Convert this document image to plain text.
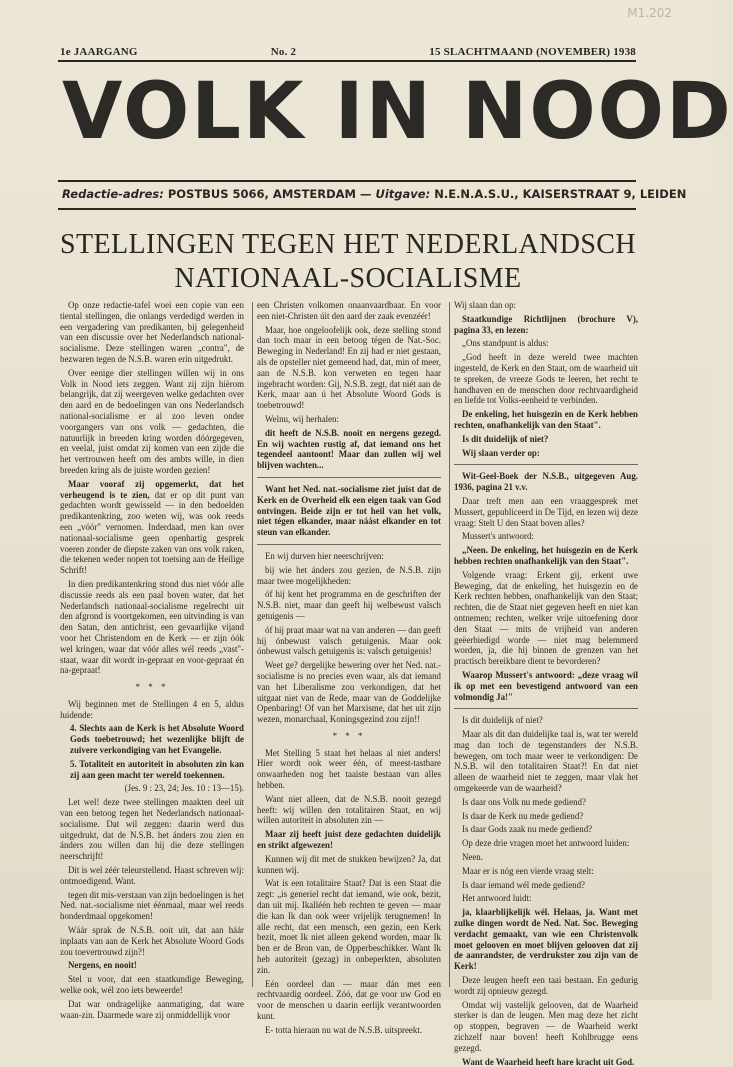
M1.202
1e JAARGANG	No. 2	15 SLACHTMAAND (NOVEMBER) 1938
VOLK IN NOOD
Redactie-adres: POSTBUS 5066, AMSTERDAM — Uitgave: N.E.N.A.S.U., KAISERSTRAAT 9, LEIDEN
STELLINGEN TEGEN HET NEDERLANDSCH
NATIONAAL-SOCIALISME

Op onze redactie-tafel woei een copie van een tiental stellingen, die onlangs verdedigd werden in een vergadering van predikanten, bij gelegenheid van een discussie over het Nederlandsch national-socialisme. Deze stellingen waren „contra", de bezwaren tegen de N.S.B. waren erin uitgedrukt.

Over eenige dier stellingen willen wij in ons Volk in Nood iets zeggen. Want zij zijn hiërom belangrijk, dat zij weergeven welke gedachten over den aard en de bedoelingen van ons Nederlandsch national-socialisme er al zoo leven onder voorgangers van ons volk — gedachten, die natuurlijk in breeden kring worden dóórgegeven, en veelal, juist omdat zij komen van een zijde die het vertrouwen heeft om des ambts wille, in dien breeden kring als de juiste worden gezien!

Maar vooraf zij opgemerkt, dat het verheugend is te zien, dat er op dit punt van gedachten wordt gewisseld — in den bedoelden predikantenkring, zoo weten wij, was ook reeds een „vóór" vernomen. Inderdaad, men kan over nationaal-socialisme geen openhartig gesprek voeren zonder de diepste zaken van ons volk raken, die tekenen weder nopen tot toetsing aan de Heilige Schrift!

In dien predikantenkring stond dus niet vóór alle discussie reeds als een paal boven water, dat het Nederlandsch nationaal-socialisme regelrecht uit den afgrond is voortgekomen, een uitvinding is van den Satan, den antichrist, een gevaarlijke vijand voor het Christendom en de Kerk — er zijn óók wel kringen, waar dat vóór alles wél reeds „vast"-staat, waar dit wordt in-gepraat en voor-gepraat én na-gepraat!

* * *

Wij beginnen met de Stellingen 4 en 5, aldus luidende:

4. Slechts aan de Kerk is het Absolute Woord Gods toebetrouwd; het wezenlijke blijft de zuivere verkondiging van het Evangelie.

5. Totaliteit en autoriteit in absoluten zin kan zij aan geen macht ter wereld toekennen.

(Jes. 9 : 23, 24; Jes. 10 : 13—15).

Let wel! deze twee stellingen maakten deel uit van een betoog tegen het Nederlandsch nationaal-socialisme. Dat wil zeggen: daarin werd dus uitgedrukt, dat de N.S.B. het ánders zou zien en ánders zou willen dan hij die deze stellingen neerschrijft!

Dit is wel zéér teleurstellend. Haast schreven wij: ontmoedigend. Want.

tegen dit mis-verstaan van zijn bedoelingen is het Ned. nat.-socialisme niet éénmaal, maar wel reeds honderdmaal opgekomen!

Wáár sprak de N.S.B. ooit uit, dat aan háár inplaats van aan de Kerk het Absolute Woord Gods zou toevertrouwd zijn?!

Nergens, en nooit!

Stel u voor, dat een staatkundige Beweging, welke ook, wél zoo iets beweerde!

Dat war ondragelijke aanmatiging, dat ware waan-zin. Daarmede ware zij onmiddellijk voor

een Christen volkomen onaanvaardbaar. En voor een niet-Christen úit den aard der zaak evenzéér!

Maar, hoe ongeloofelijk ook, deze stelling stond dan toch maar in een betoog tégen de Nat.-Soc. Beweging in Nederland! En zij had er niet gestaan, als de opsteller niet gemeend had, dat, min of meer, aan de N.S.B. kon verweten en tegen haar ingebracht worden: Gij, N.S.B. zegt, dat niét aan de Kerk, maar aan ú het Absolute Woord Gods is toebetrouwd!

Welnu, wij herhalen:

dit heeft de N.S.B. nooit en nergens gezegd. En wij wachten rustig af, dat iemand ons het tegendeel aantoont! Maar dan zullen wij wel blijven wachten...

Want het Ned. nat.-socialisme ziet juist dat de Kerk en de Overheid elk een eigen taak van God ontvingen. Beide zijn er tot heil van het volk, niet tégen elkander, maar náást elkander en tot steun van elkander.

En wij durven hier neerschrijven:

bij wie het ánders zou gezien, de N.S.B. zijn maar twee mogelijkheden:

óf hij kent het programma en de geschriften der N.S.B. niet, maar dan geeft hij welbewust valsch getuigenis —

óf hij praat maar wat na van anderen — dan geeft hij ónbewust valsch getuigenis. Maar ook ónbewust valsch getuigenis is: valsch getuigenis!

Weet ge? dergelijke bewering over het Ned. nat.-socialisme is no precies even waar, als dat iemand van het Liberalisme zou verkondigen, dat het uitgaat niet van de Rede, maar van de Goddelijke Openbaring! Of van het Marxisme, dat het uit zijn wezen, monarchaal, Koningsgezind zou zijn!!

* * *

Met Stelling 5 staat het helaas al niet anders! Hier wordt ook weer één, of meest-tastbare onwaarheden nog het taaiste bestaan van alles hebben.

Want niet alleen, dat de N.S.B. nooit gezegd heeft: wij willen den totalitairen Staat, en wij willen autoriteit in absoluten zin —

Maar zij heeft juist deze gedachten duidelijk en strikt afgewezen!

Kunnen wij dit met de stukken bewijzen? Ja, dat kunnen wij.

Wat is een totalitaire Staat? Dat is een Staat die zegt: „is generiel recht dat iemand, wie ook, bezit, dan uit mij. Ikalléén heb rechten te geven — maar die kan Ik dan ook weer vrijelijk terugnemen! In alle recht, dat een mensch, een gezin, een Kerk bezit, moet Ik niet alleen gekend worden, maar Ik ben er de Bron van, de Opperbeschikker. Want Ik heb autoriteit (gezag) in onbeperkten, absoluten zin.

Eén oordeel dan — maar dán met een rechtvaardig oordeel. Zóó, dat ge voor uw God en voor de menschen u daarin eerlijk verantwoorden kunt.

E- totta hieraan nu wat de N.S.B. uitspreekt.

Wij slaan dan op:

Staatkundige Richtlijnen (brochure V), pagina 33, en lezen:

„Ons standpunt is aldus:

„God heeft in deze wereld twee machten ingesteld, de Kerk en den Staat, om de waarheid uit te spreken, de vreeze Gods te leeren, het recht te handhaven en de menschen door rechtvaardigheid en liefde tot Volks-eenheid te verbinden.

De enkeling, het huisgezin en de Kerk hebben rechten, onafhankelijk van den Staat".

Is dit duidelijk of niet?

Wij slaan verder op:

Wit-Geel-Boek der N.S.B., uitgegeven Aug. 1936, pagina 21 v.v.

Daar treft men aan een vraaggesprek met Mussert, gepubliceerd in De Tijd, en lezen wij deze vraag: Stelt U den Staat boven alles?

Mussert's antwoord:

„Neen. De enkeling, het huisgezin en de Kerk hebben rechten onafhankelijk van den Staat".

Volgende vraag: Erkent gij, erkent uwe Beweging, dat de enkeling, het huisgezin en de Kerk rechten hebben, onafhankelijk van den Staat; rechten, die de Staat niet gegeven heeft en niet kan ontnemen; rechten, welker vrije uitoefening door den Staat — mits de vrijheid van anderen geëerbiedigd worde — niet mag belemmerd worden, ja, die hij binnen de grenzen van het practisch bereikbare dient te bevorderen?

Waarop Mussert's antwoord: „deze vraag wil ik op met een bevestigend antwoord van een volmondig Ja!"

Is dit duidelijk of niet?

Maar als dit dan duidelijke taal is, wat ter wereld mag dan toch de tegenstanders der N.S.B. bewegen, om toch maar weer te verkondigen: De N.S.B. wil den totalitairen Staat?! En dat niet alleen de waarheid niet te zeggen, maar vlak het omgekeerde van de waarheid?

Is daar ons Volk nu mede gediend?

Is daar de Kerk nu mede gediend?

Is daar Gods zaak nu mede gediend?

Op deze drie vragen moet het antwoord luiden:

Neen.

Maar er is nóg een vierde vraag stelt:

Is daar iemand wél mede gediend?

Het antwoord luidt:

ja, klaarblijkelijk wél. Helaas, ja. Want met zulke dingen wordt de Ned. Nat. Soc. Beweging verdacht gemaakt, van wie een Christenvolk moet gelooven en moet blijven gelooven dat zij de aanrandster, de verdrukster zou zijn van de Kerk!

Deze leugen heeft een taai bestaan. En gedurig wordt zij opnieuw gezegd.

Omdat wij vastelijk gelooven, dat de Waarheid sterker is dan de leugen. Men mag deze het zicht op stoppen, begraven — de Waarheid werkt zichzelf naar boven! heeft Kohlbrugge eens gezegd.

Want de Waarheid heeft hare kracht uit God.
